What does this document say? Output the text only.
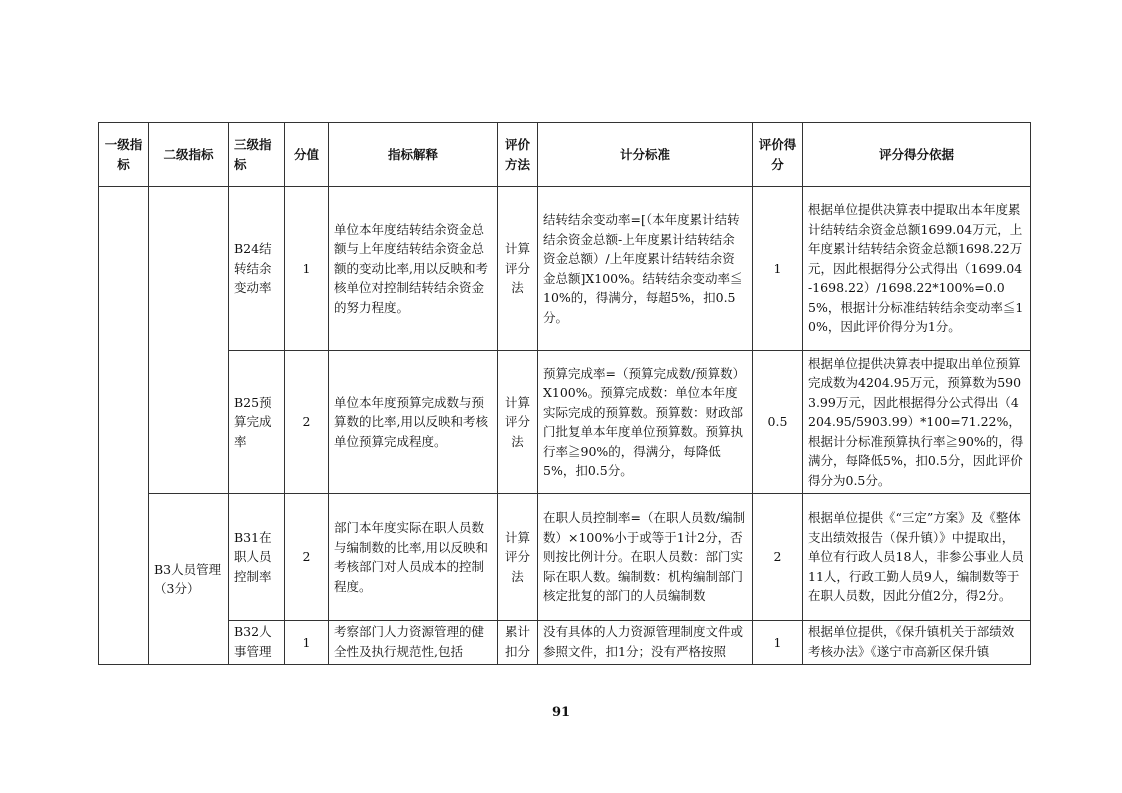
一级指标	二级指标	三级指标	分值	指标解释	评价方法	计分标准	评价得分	评分得分依据
		B24结转结余变动率	1	单位本年度结转结余资金总额与上年度结转结余资金总额的变动比率,用以反映和考核单位对控制结转结余资金的努力程度。	计算评分法	结转结余变动率=[（本年度累计结转结余资金总额-上年度累计结转结余资金总额）/上年度累计结转结余资金总额]X100%。结转结余变动率≦10%的，得满分，每超5%，扣0.5分。	1	根据单位提供决算表中提取出本年度累计结转结余资金总额1699.04万元，上年度累计结转结余资金总额1698.22万元，因此根据得分公式得出（1699.04-1698.22）/1698.22*100%=0.05%，根据计分标准结转结余变动率≦10%，因此评价得分为1分。
		B25预算完成率	2	单位本年度预算完成数与预算数的比率,用以反映和考核单位预算完成程度。	计算评分法	预算完成率=（预算完成数/预算数）X100%。预算完成数：单位本年度实际完成的预算数。预算数：财政部门批复单本年度单位预算数。预算执行率≧90%的，得满分，每降低5%，扣0.5分。	0.5	根据单位提供决算表中提取出单位预算完成数为4204.95万元，预算数为5903.99万元，因此根据得分公式得出（4204.95/5903.99）*100=71.22%，根据计分标准预算执行率≧90%的，得满分，每降低5%，扣0.5分，因此评价得分为0.5分。
	B3人员管理（3分）	B31在职人员控制率	2	部门本年度实际在职人员数与编制数的比率,用以反映和考核部门对人员成本的控制程度。	计算评分法	在职人员控制率=（在职人员数/编制数）×100%小于或等于1计2分，否则按比例计分。在职人员数：部门实际在职人数。编制数：机构编制部门核定批复的部门的人员编制数	2	根据单位提供《“三定”方案》及《整体支出绩效报告（保升镇）》中提取出，单位有行政人员18人，非参公事业人员11人，行政工勤人员9人，编制数等于在职人员数，因此分值2分，得2分。
		B32人事管理	1	考察部门人力资源管理的健全性及执行规范性,包括	累计扣分	没有具体的人力资源管理制度文件或参照文件，扣1分；没有严格按照	1	根据单位提供，《保升镇机关于部绩效考核办法》《遂宁市高新区保升镇
91
